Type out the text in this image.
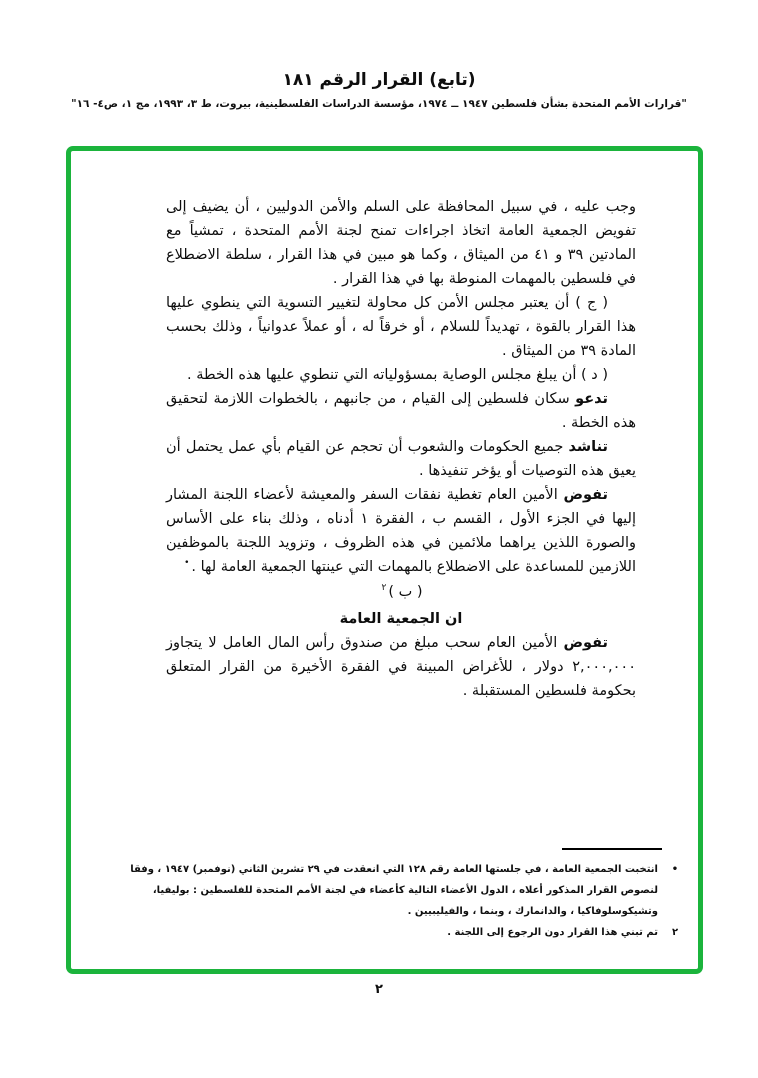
(تابع) القرار الرقم ١٨١
"قرارات الأمم المتحدة بشأن فلسطين ١٩٤٧ ــ ١٩٧٤، مؤسسة الدراسات الفلسطينية، بيروت، ط ٣، ١٩٩٣، مج ١، ص٤- ١٦"

وجب عليه ، في سبيل المحافظة على السلم والأمن الدوليين ، أن يضيف إلى تفويض الجمعية العامة اتخاذ اجراءات تمنح لجنة الأمم المتحدة ، تمشياً مع المادتين ٣٩ و ٤١ من الميثاق ، وكما هو مبين في هذا القرار ، سلطة الاضطلاع في فلسطين بالمهمات المنوطة بها في هذا القرار .

( ج ) أن يعتبر مجلس الأمن كل محاولة لتغيير التسوية التي ينطوي عليها هذا القرار بالقوة ، تهديداً للسلام ، أو خرقاً له ، أو عملاً عدوانياً ، وذلك بحسب المادة ٣٩ من الميثاق .

( د ) أن يبلغ مجلس الوصاية بمسؤولياته التي تنطوي عليها هذه الخطة .

تدعو سكان فلسطين إلى القيام ، من جانبهم ، بالخطوات اللازمة لتحقيق هذه الخطة .

تناشد جميع الحكومات والشعوب أن تحجم عن القيام بأي عمل يحتمل أن يعيق هذه التوصيات أو يؤخر تنفيذها .

تفوض الأمين العام تغطية نفقات السفر والمعيشة لأعضاء اللجنة المشار إليها في الجزء الأول ، القسم ب ، الفقرة ١ أدناه ، وذلك بناء على الأساس والصورة اللذين يراهما ملائمين في هذه الظروف ، وتزويد اللجنة بالموظفين اللازمين للمساعدة على الاضطلاع بالمهمات التي عينتها الجمعية العامة لها .•

( ب )$^٢$

ان الجمعية العامة

تفوض الأمين العام سحب مبلغ من صندوق رأس المال العامل لا يتجاوز ٢,٠٠٠,٠٠٠ دولار ، للأغراض المبينة في الفقرة الأخيرة من القرار المتعلق بحكومة فلسطين المستقبلة .

•
انتخبت الجمعية العامة ، في جلستها العامة رقم ١٢٨ التي انعقدت في ٢٩ تشرين الثاني (نوفمبر) ١٩٤٧ ، وفقا لنصوص القرار المذكور أعلاه ، الدول الأعضاء التالية كأعضاء في لجنة الأمم المتحدة للفلسطين : بوليفيا، وتشيكوسلوفاكيا ، والدانمارك ، وبنما ، والفيليبيين .
٢
تم تبني هذا القرار دون الرجوع إلى اللجنة .
٢
